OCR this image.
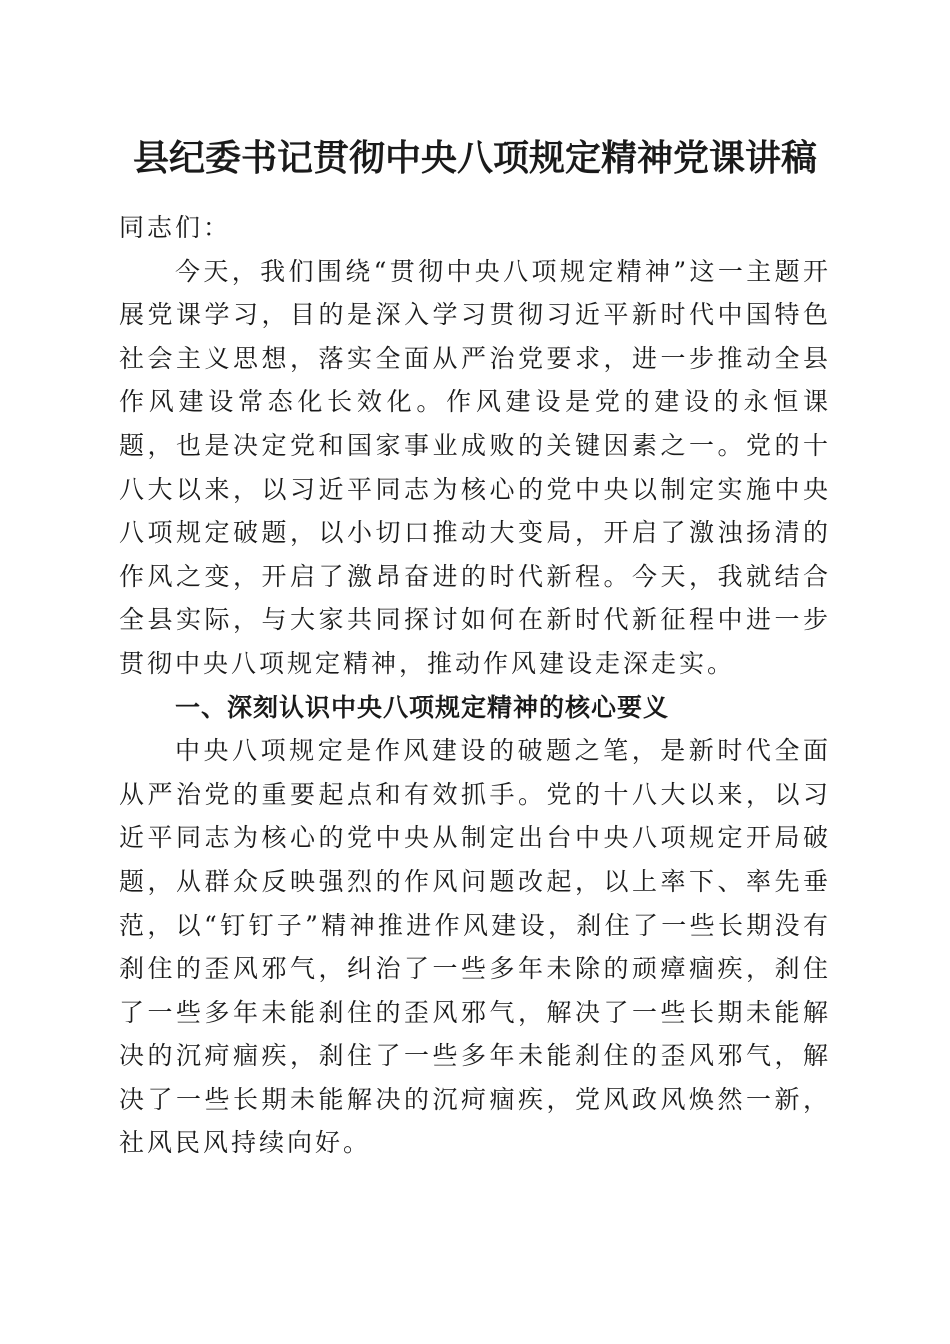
县纪委书记贯彻中央八项规定精神党课讲稿

同志们：

今天，我们围绕“贯彻中央八项规定精神”这一主题开展党课学习，目的是深入学习贯彻习近平新时代中国特色社会主义思想，落实全面从严治党要求，进一步推动全县作风建设常态化长效化。作风建设是党的建设的永恒课题，也是决定党和国家事业成败的关键因素之一。党的十八大以来，以习近平同志为核心的党中央以制定实施中央八项规定破题，以小切口推动大变局，开启了激浊扬清的作风之变，开启了激昂奋进的时代新程。今天，我就结合全县实际，与大家共同探讨如何在新时代新征程中进一步贯彻中央八项规定精神，推动作风建设走深走实。

一、深刻认识中央八项规定精神的核心要义

中央八项规定是作风建设的破题之笔，是新时代全面从严治党的重要起点和有效抓手。党的十八大以来，以习近平同志为核心的党中央从制定出台中央八项规定开局破题，从群众反映强烈的作风问题改起，以上率下、率先垂范，以“钉钉子”精神推进作风建设，刹住了一些长期没有刹住的歪风邪气，纠治了一些多年未除的顽瘴痼疾，刹住了一些多年未能刹住的歪风邪气，解决了一些长期未能解决的沉疴痼疾，刹住了一些多年未能刹住的歪风邪气，解决了一些长期未能解决的沉疴痼疾，党风政风焕然一新，社风民风持续向好。
